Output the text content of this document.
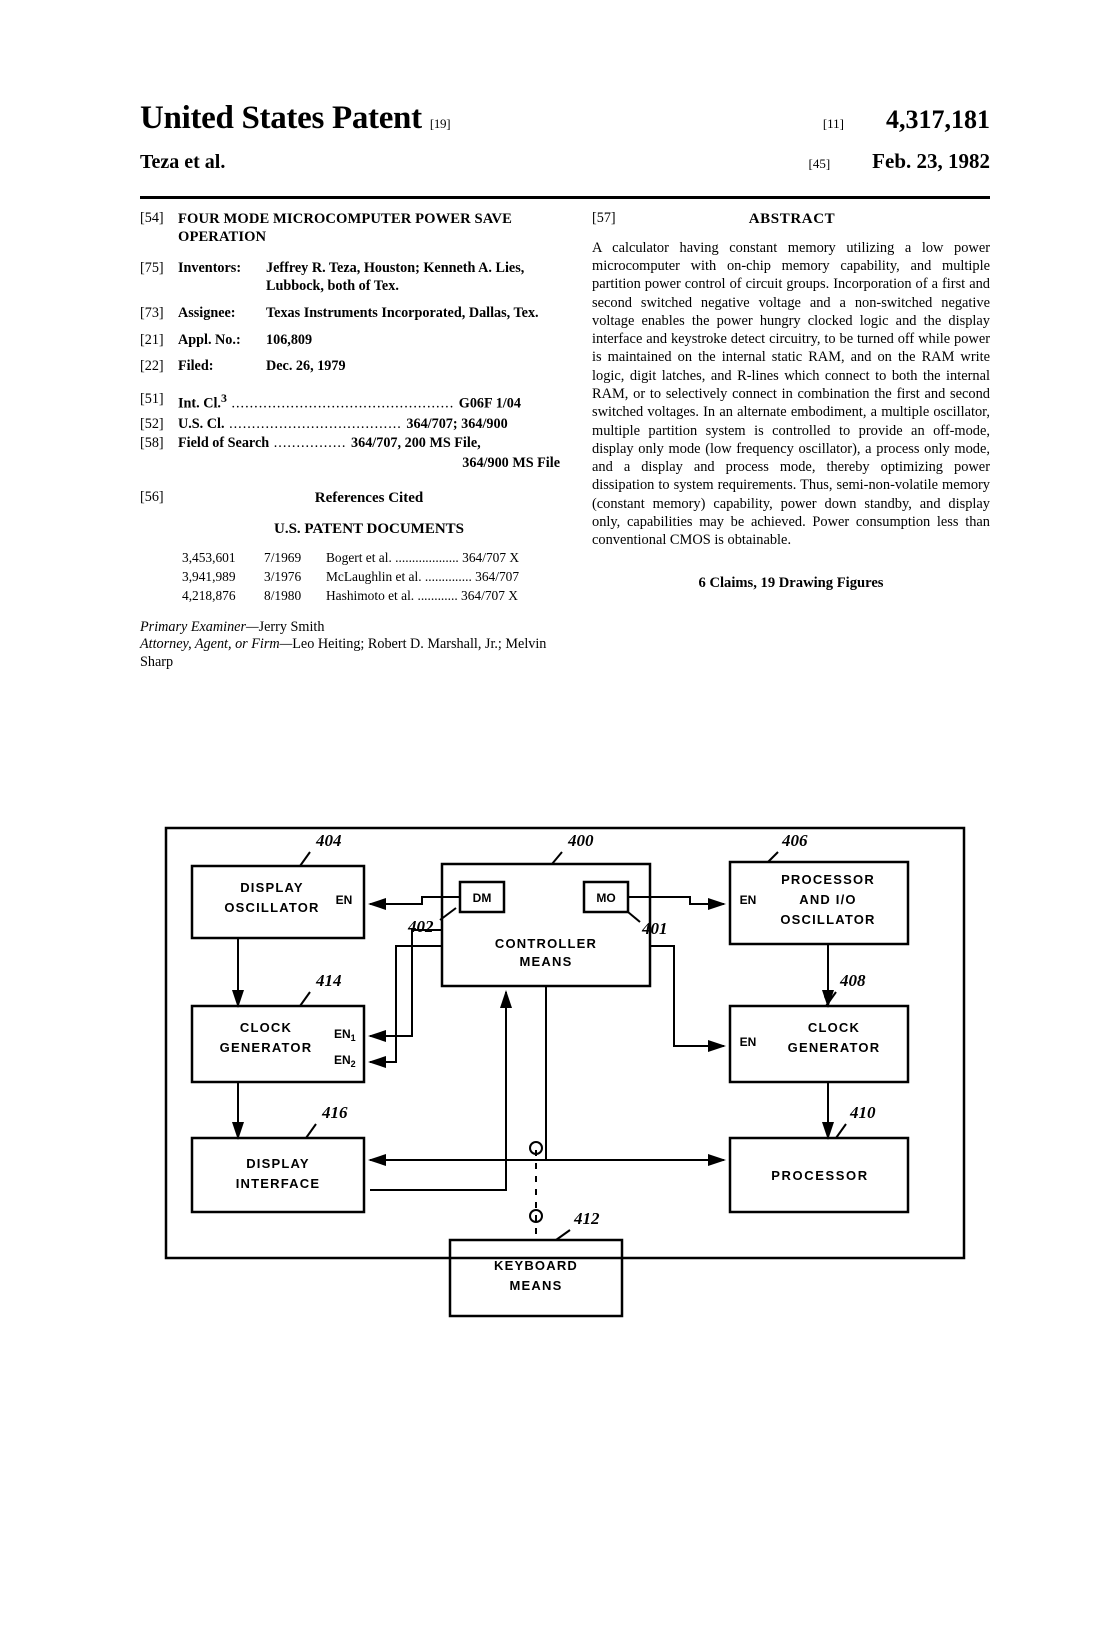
United States Patent [19]	[11] 4,317,181
Teza et al.	[45] Feb. 23, 1982
[54] FOUR MODE MICROCOMPUTER POWER SAVE OPERATION
[75]	Inventors:	Jeffrey R. Teza, Houston; Kenneth A. Lies, Lubbock, both of Tex.
[73]	Assignee:	Texas Instruments Incorporated, Dallas, Tex.
[21]	Appl. No.:	106,809
[22]	Filed:	Dec. 26, 1979
[51]	Int. Cl.$^3$ ................................................. G06F 1/04
[52]	U.S. Cl. ...................................... 364/707; 364/900
[58]	Field of Search ................ 364/707, 200 MS File,
364/900 MS File
[56]	References Cited
U.S. PATENT DOCUMENTS
3,453,601	7/1969	Bogert et al. ................... 364/707 X
3,941,989	3/1976	McLaughlin et al. .............. 364/707
4,218,876	8/1980	Hashimoto et al. ............ 364/707 X
Primary Examiner—Jerry Smith
Attorney, Agent, or Firm—Leo Heiting; Robert D. Marshall, Jr.; Melvin Sharp
[57]	ABSTRACT
A calculator having constant memory utilizing a low power microcomputer with on-chip memory capability, and multiple partition power control of circuit groups. Incorporation of a first and second switched negative voltage and a non-switched negative voltage enables the power hungry clocked logic and the display interface and keystroke detect circuitry, to be turned off while power is maintained on the internal static RAM, and on the RAM write logic, digit latches, and R-lines which connect to both the internal RAM, or to selectively connect in combination the first and second switched voltages. In an alternate embodiment, a multiple oscillator, multiple partition system is controlled to provide an off-mode, display only mode (low frequency oscillator), a process only mode, and a display and process mode, thereby optimizing power dissipation to system requirements. Thus, semi-non-volatile memory (constant memory) capability, power down standby, and display only, capabilities may be achieved. Power consumption less than conventional CMOS is obtainable.
6 Claims, 19 Drawing Figures
DISPLAY
OSCILLATOR EN
404
CONTROLLER
MEANS
400
DM
402
MO
401
PROCESSOR
AND I/O
OSCILLATOR
EN
406
CLOCK
GENERATOR
$EN_1$
$EN_2$
414
CLOCK
GENERATOR
EN
408
DISPLAY
INTERFACE
416
PROCESSOR
410
KEYBOARD
MEANS
412
